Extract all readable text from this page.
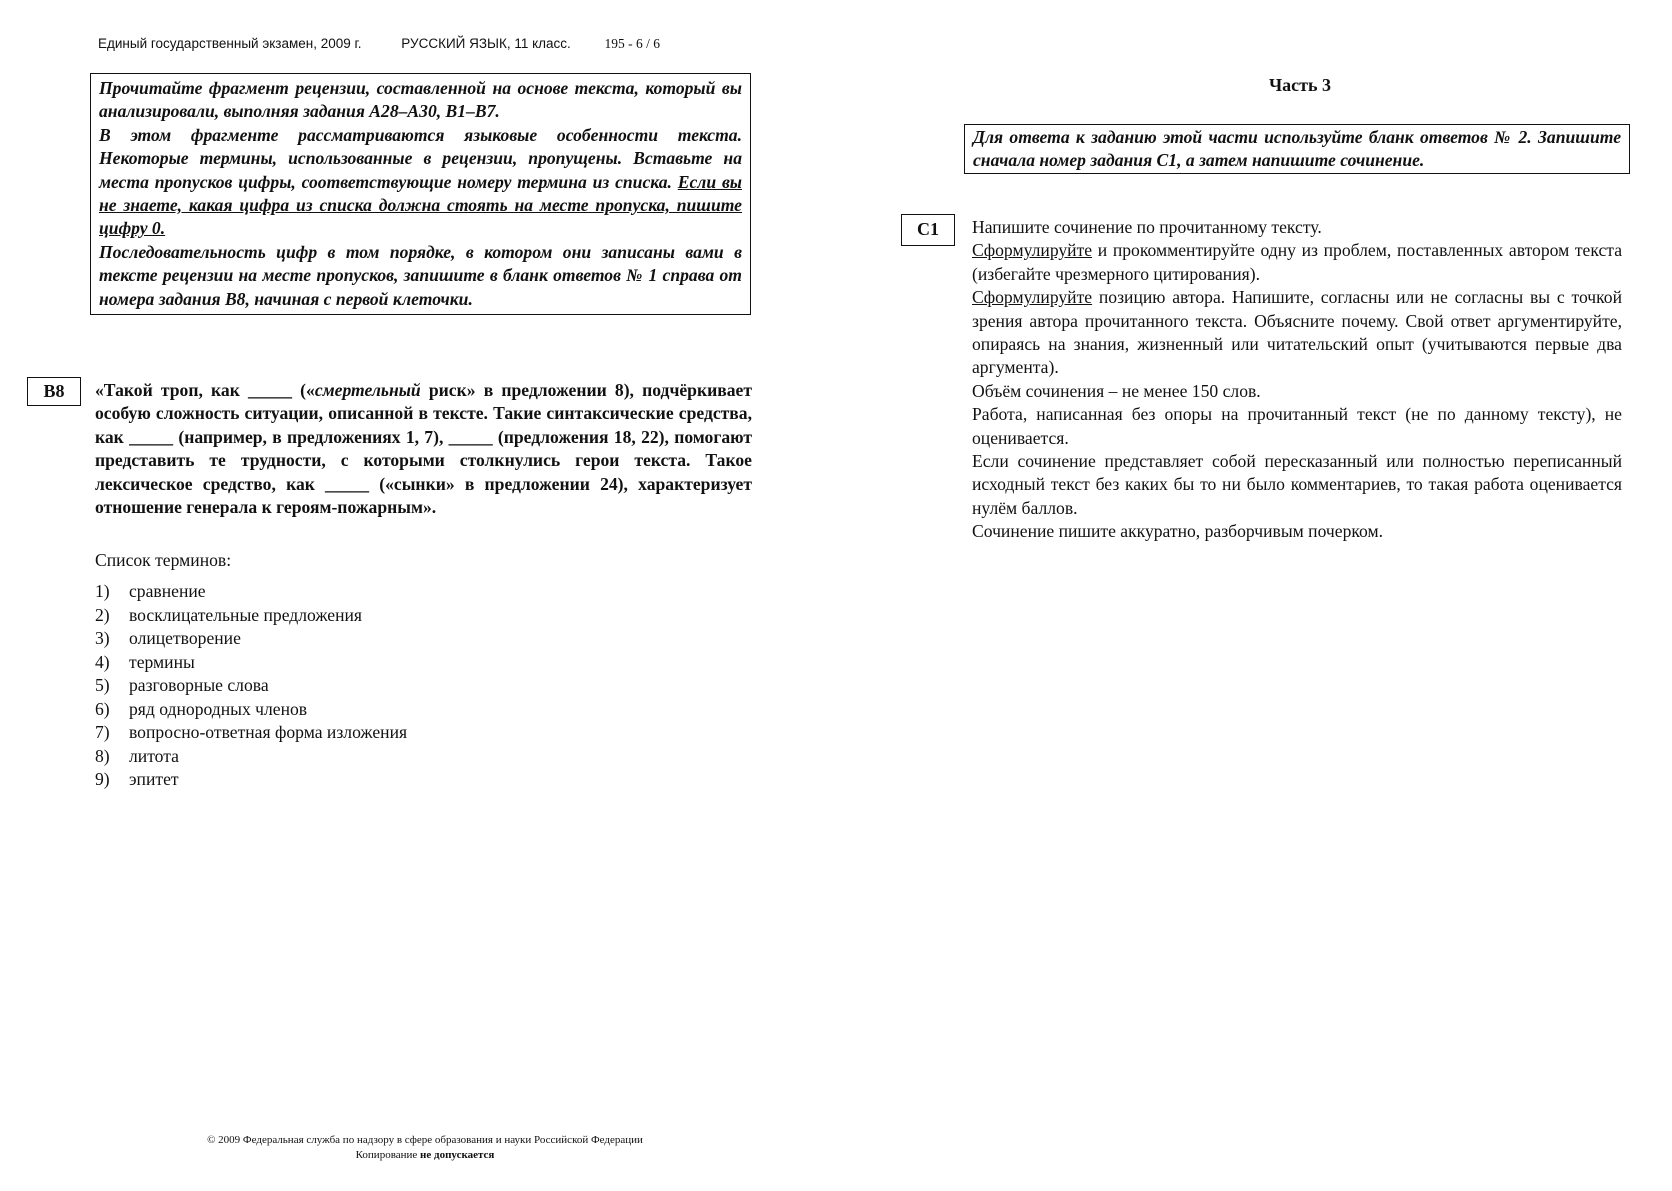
Единый государственный экзамен, 2009 г.	РУССКИЙ ЯЗЫК, 11 класс.	195 - 6 / 6

Прочитайте фрагмент рецензии, составленной на основе текста, который вы анализировали, выполняя задания А28–А30, В1–В7.

В этом фрагменте рассматриваются языковые особенности текста. Некоторые термины, использованные в рецензии, пропущены. Вставьте на места пропусков цифры, соответствующие номеру термина из списка. Если вы не знаете, какая цифра из списка должна стоять на месте пропуска, пишите цифру 0.

Последовательность цифр в том порядке, в котором они записаны вами в тексте рецензии на месте пропусков, запишите в бланк ответов № 1 справа от номера задания В8, начиная с первой клеточки.

В8	«Такой троп, как _____ («смертельный риск» в предложении 8), подчёркивает особую сложность ситуации, описанной в тексте. Такие синтаксические средства, как _____ (например, в предложениях 1, 7), _____ (предложения 18, 22), помогают представить те трудности, с которыми столкнулись герои текста. Такое лексическое средство, как _____ («сынки» в предложении 24), характеризует отношение генерала к героям-пожарным».
Список терминов:
1)	сравнение
2)	восклицательные предложения
3)	олицетворение
4)	термины
5)	разговорные слова
6)	ряд однородных членов
7)	вопросно-ответная форма изложения
8)	литота
9)	эпитет
Часть 3
Для ответа к заданию этой части используйте бланк ответов № 2. Запишите сначала номер задания С1, а затем напишите сочинение.
С1	Напишите сочинение по прочитанному тексту.

Сформулируйте и прокомментируйте одну из проблем, поставленных автором текста (избегайте чрезмерного цитирования).

Сформулируйте позицию автора. Напишите, согласны или не согласны вы с точкой зрения автора прочитанного текста. Объясните почему. Свой ответ аргументируйте, опираясь на знания, жизненный или читательский опыт (учитываются первые два аргумента).

Объём сочинения – не менее 150 слов.

Работа, написанная без опоры на прочитанный текст (не по данному тексту), не оценивается.

Если сочинение представляет собой пересказанный или полностью переписанный исходный текст без каких бы то ни было комментариев, то такая работа оценивается нулём баллов.

Сочинение пишите аккуратно, разборчивым почерком.

© 2009 Федеральная служба по надзору в сфере образования и науки Российской Федерации
Копирование не допускается
